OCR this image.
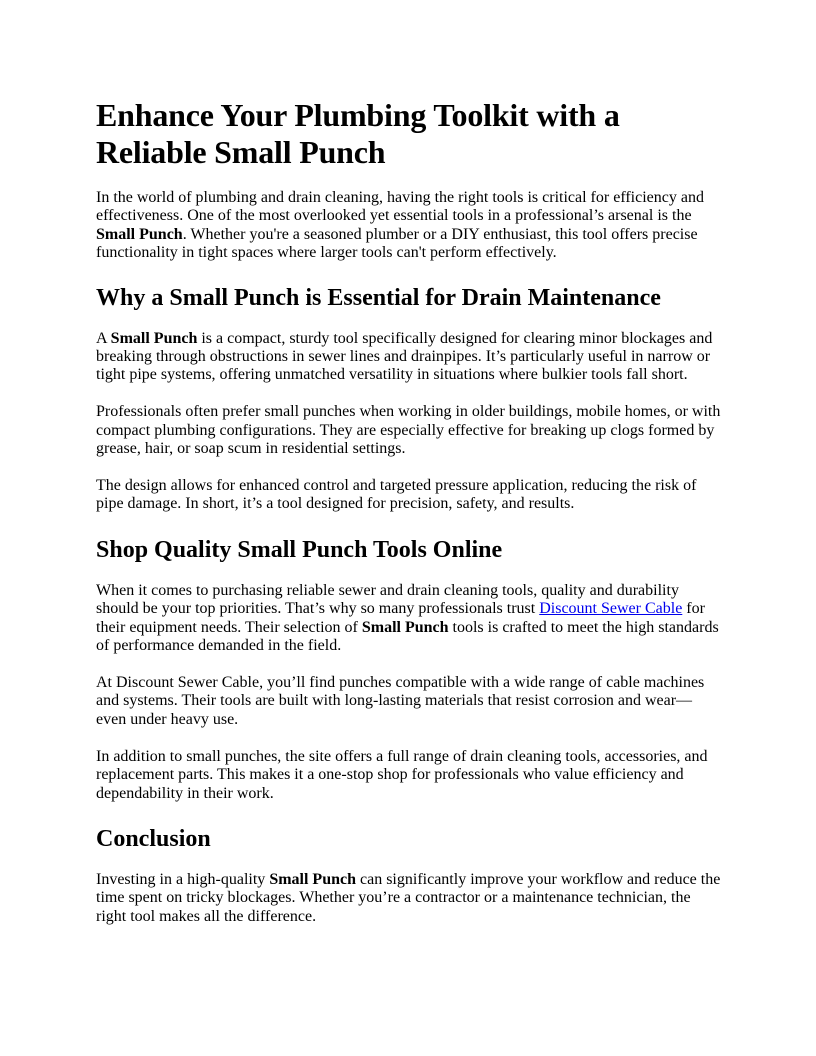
Enhance Your Plumbing Toolkit with a Reliable Small Punch

In the world of plumbing and drain cleaning, having the right tools is critical for efficiency and effectiveness. One of the most overlooked yet essential tools in a professional’s arsenal is the Small Punch. Whether you're a seasoned plumber or a DIY enthusiast, this tool offers precise functionality in tight spaces where larger tools can't perform effectively.

Why a Small Punch is Essential for Drain Maintenance

A Small Punch is a compact, sturdy tool specifically designed for clearing minor blockages and breaking through obstructions in sewer lines and drainpipes. It’s particularly useful in narrow or tight pipe systems, offering unmatched versatility in situations where bulkier tools fall short.

Professionals often prefer small punches when working in older buildings, mobile homes, or with compact plumbing configurations. They are especially effective for breaking up clogs formed by grease, hair, or soap scum in residential settings.

The design allows for enhanced control and targeted pressure application, reducing the risk of pipe damage. In short, it’s a tool designed for precision, safety, and results.

Shop Quality Small Punch Tools Online

When it comes to purchasing reliable sewer and drain cleaning tools, quality and durability should be your top priorities. That’s why so many professionals trust Discount Sewer Cable for their equipment needs. Their selection of Small Punch tools is crafted to meet the high standards of performance demanded in the field.

At Discount Sewer Cable, you’ll find punches compatible with a wide range of cable machines and systems. Their tools are built with long-lasting materials that resist corrosion and wear—even under heavy use.

In addition to small punches, the site offers a full range of drain cleaning tools, accessories, and replacement parts. This makes it a one-stop shop for professionals who value efficiency and dependability in their work.

Conclusion

Investing in a high-quality Small Punch can significantly improve your workflow and reduce the time spent on tricky blockages. Whether you’re a contractor or a maintenance technician, the right tool makes all the difference.
